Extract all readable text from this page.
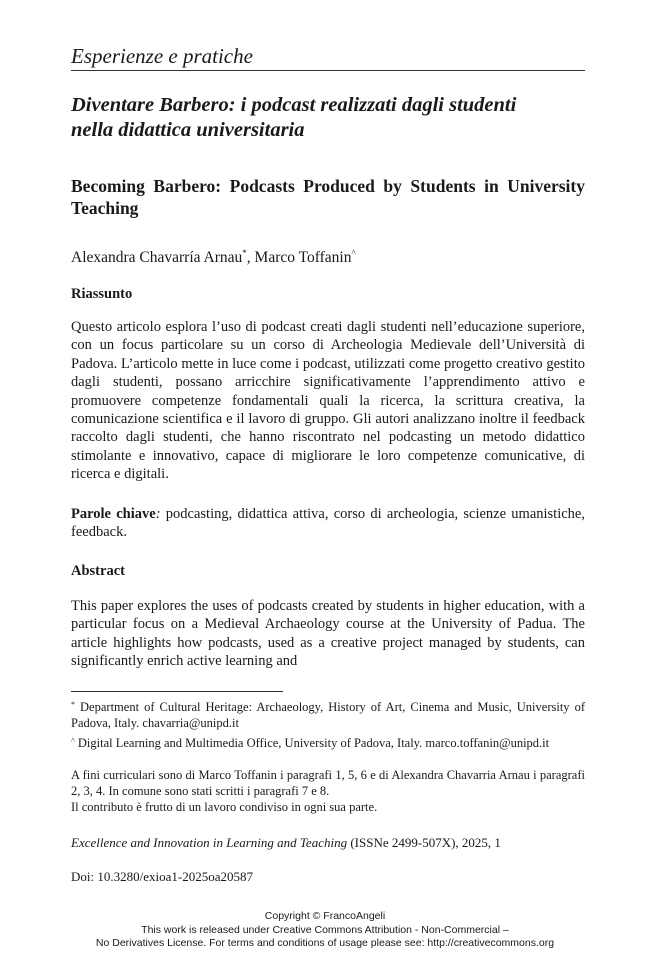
Esperienze e pratiche
Diventare Barbero: i podcast realizzati dagli studenti
nella didattica universitaria
Becoming Barbero: Podcasts Produced by Students in University Teaching
Alexandra Chavarría Arnau*, Marco Toffanin^
Riassunto
Questo articolo esplora l’uso di podcast creati dagli studenti nell’educazione superiore, con un focus particolare su un corso di Archeologia Medievale dell’Università di Padova. L’articolo mette in luce come i podcast, utilizzati come progetto creativo gestito dagli studenti, possano arricchire significativamente l’apprendimento attivo e promuovere competenze fondamentali quali la ricerca, la scrittura creativa, la comunicazione scientifica e il lavoro di gruppo. Gli autori analizzano inoltre il feedback raccolto dagli studenti, che hanno riscontrato nel podcasting un metodo didattico stimolante e innovativo, capace di migliorare le loro competenze comunicative, di ricerca e digitali.
Parole chiave: podcasting, didattica attiva, corso di archeologia, scienze umanistiche, feedback.
Abstract
This paper explores the uses of podcasts created by students in higher education, with a particular focus on a Medieval Archaeology course at the University of Padua. The article highlights how podcasts, used as a creative project managed by students, can significantly enrich active learning and
* Department of Cultural Heritage: Archaeology, History of Art, Cinema and Music, University of Padova, Italy. chavarria@unipd.it
^ Digital Learning and Multimedia Office, University of Padova, Italy. marco.toffanin@unipd.it
A fini curriculari sono di Marco Toffanin i paragrafi 1, 5, 6 e di Alexandra Chavarria Arnau i paragrafi 2, 3, 4. In comune sono stati scritti i paragrafi 7 e 8.
Il contributo è frutto di un lavoro condiviso in ogni sua parte.
Excellence and Innovation in Learning and Teaching (ISSNe 2499-507X), 2025, 1
Doi: 10.3280/exioa1-2025oa20587
Copyright © FrancoAngeli
This work is released under Creative Commons Attribution - Non-Commercial –
No Derivatives License. For terms and conditions of usage please see: http://creativecommons.org
